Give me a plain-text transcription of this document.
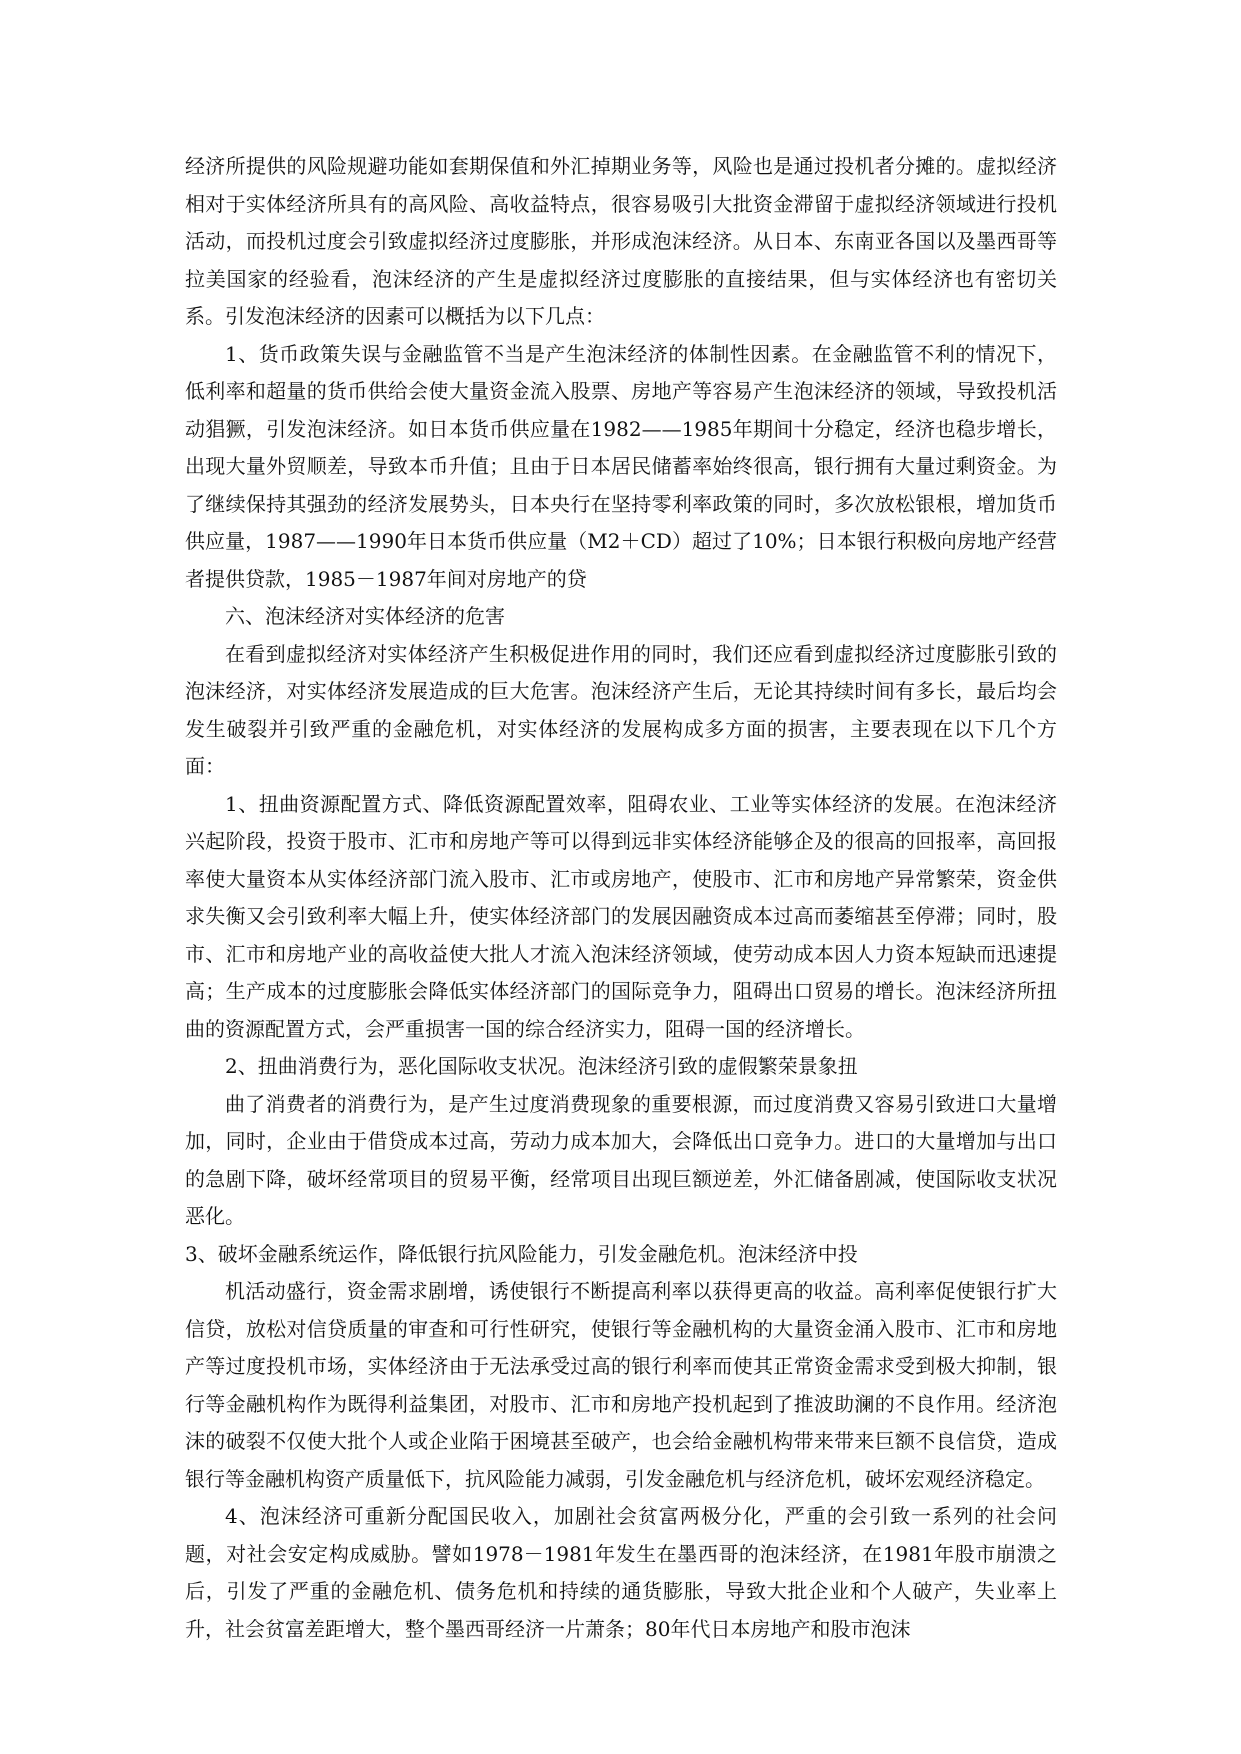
经济所提供的风险规避功能如套期保值和外汇掉期业务等，风险也是通过投机者分摊的。虚拟经济相对于实体经济所具有的高风险、高收益特点，很容易吸引大批资金滞留于虚拟经济领域进行投机活动，而投机过度会引致虚拟经济过度膨胀，并形成泡沫经济。从日本、东南亚各国以及墨西哥等拉美国家的经验看，泡沫经济的产生是虚拟经济过度膨胀的直接结果，但与实体经济也有密切关系。引发泡沫经济的因素可以概括为以下几点：

1、货币政策失误与金融监管不当是产生泡沫经济的体制性因素。在金融监管不利的情况下，低利率和超量的货币供给会使大量资金流入股票、房地产等容易产生泡沫经济的领域，导致投机活动猖獗，引发泡沫经济。如日本货币供应量在1982——1985年期间十分稳定，经济也稳步增长，出现大量外贸顺差，导致本币升值；且由于日本居民储蓄率始终很高，银行拥有大量过剩资金。为了继续保持其强劲的经济发展势头，日本央行在坚持零利率政策的同时，多次放松银根，增加货币供应量，1987——1990年日本货币供应量（M2＋CD）超过了10%；日本银行积极向房地产经营者提供贷款，1985－1987年间对房地产的贷

六、泡沫经济对实体经济的危害

在看到虚拟经济对实体经济产生积极促进作用的同时，我们还应看到虚拟经济过度膨胀引致的泡沫经济，对实体经济发展造成的巨大危害。泡沫经济产生后，无论其持续时间有多长，最后均会发生破裂并引致严重的金融危机，对实体经济的发展构成多方面的损害，主要表现在以下几个方面：

1、扭曲资源配置方式、降低资源配置效率，阻碍农业、工业等实体经济的发展。在泡沫经济兴起阶段，投资于股市、汇市和房地产等可以得到远非实体经济能够企及的很高的回报率，高回报率使大量资本从实体经济部门流入股市、汇市或房地产，使股市、汇市和房地产异常繁荣，资金供求失衡又会引致利率大幅上升，使实体经济部门的发展因融资成本过高而萎缩甚至停滞；同时，股市、汇市和房地产业的高收益使大批人才流入泡沫经济领域，使劳动成本因人力资本短缺而迅速提高；生产成本的过度膨胀会降低实体经济部门的国际竞争力，阻碍出口贸易的增长。泡沫经济所扭曲的资源配置方式，会严重损害一国的综合经济实力，阻碍一国的经济增长。

2、扭曲消费行为，恶化国际收支状况。泡沫经济引致的虚假繁荣景象扭

曲了消费者的消费行为，是产生过度消费现象的重要根源，而过度消费又容易引致进口大量增加，同时，企业由于借贷成本过高，劳动力成本加大，会降低出口竞争力。进口的大量增加与出口的急剧下降，破坏经常项目的贸易平衡，经常项目出现巨额逆差，外汇储备剧减，使国际收支状况恶化。

3、破坏金融系统运作，降低银行抗风险能力，引发金融危机。泡沫经济中投

机活动盛行，资金需求剧增，诱使银行不断提高利率以获得更高的收益。高利率促使银行扩大信贷，放松对信贷质量的审查和可行性研究，使银行等金融机构的大量资金涌入股市、汇市和房地产等过度投机市场，实体经济由于无法承受过高的银行利率而使其正常资金需求受到极大抑制，银行等金融机构作为既得利益集团，对股市、汇市和房地产投机起到了推波助澜的不良作用。经济泡沫的破裂不仅使大批个人或企业陷于困境甚至破产，也会给金融机构带来带来巨额不良信贷，造成银行等金融机构资产质量低下，抗风险能力减弱，引发金融危机与经济危机，破坏宏观经济稳定。

4、泡沫经济可重新分配国民收入，加剧社会贫富两极分化，严重的会引致一系列的社会问题，对社会安定构成威胁。譬如1978－1981年发生在墨西哥的泡沫经济，在1981年股市崩溃之后，引发了严重的金融危机、债务危机和持续的通货膨胀，导致大批企业和个人破产，失业率上升，社会贫富差距增大，整个墨西哥经济一片萧条；80年代日本房地产和股市泡沫
